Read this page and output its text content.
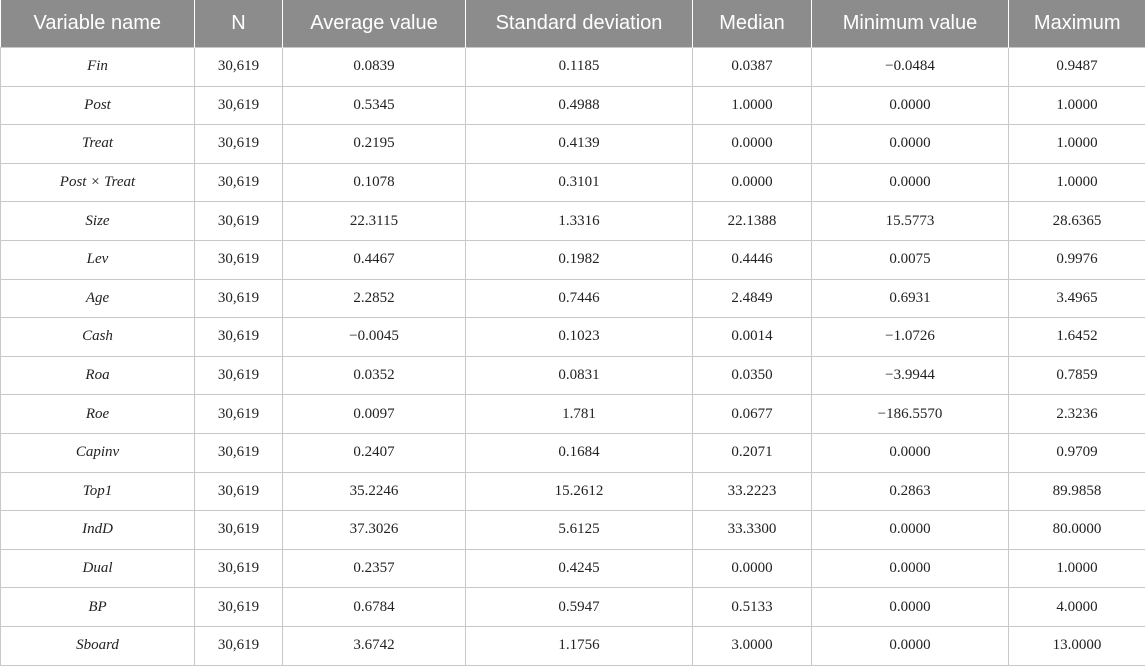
Variable name	N	Average value	Standard deviation	Median	Minimum value	Maximum
Fin	30,619	0.0839	0.1185	0.0387	−0.0484	0.9487
Post	30,619	0.5345	0.4988	1.0000	0.0000	1.0000
Treat	30,619	0.2195	0.4139	0.0000	0.0000	1.0000
Post × Treat	30,619	0.1078	0.3101	0.0000	0.0000	1.0000
Size	30,619	22.3115	1.3316	22.1388	15.5773	28.6365
Lev	30,619	0.4467	0.1982	0.4446	0.0075	0.9976
Age	30,619	2.2852	0.7446	2.4849	0.6931	3.4965
Cash	30,619	−0.0045	0.1023	0.0014	−1.0726	1.6452
Roa	30,619	0.0352	0.0831	0.0350	−3.9944	0.7859
Roe	30,619	0.0097	1.781	0.0677	−186.5570	2.3236
Capinv	30,619	0.2407	0.1684	0.2071	0.0000	0.9709
Top1	30,619	35.2246	15.2612	33.2223	0.2863	89.9858
IndD	30,619	37.3026	5.6125	33.3300	0.0000	80.0000
Dual	30,619	0.2357	0.4245	0.0000	0.0000	1.0000
BP	30,619	0.6784	0.5947	0.5133	0.0000	4.0000
Sboard	30,619	3.6742	1.1756	3.0000	0.0000	13.0000
